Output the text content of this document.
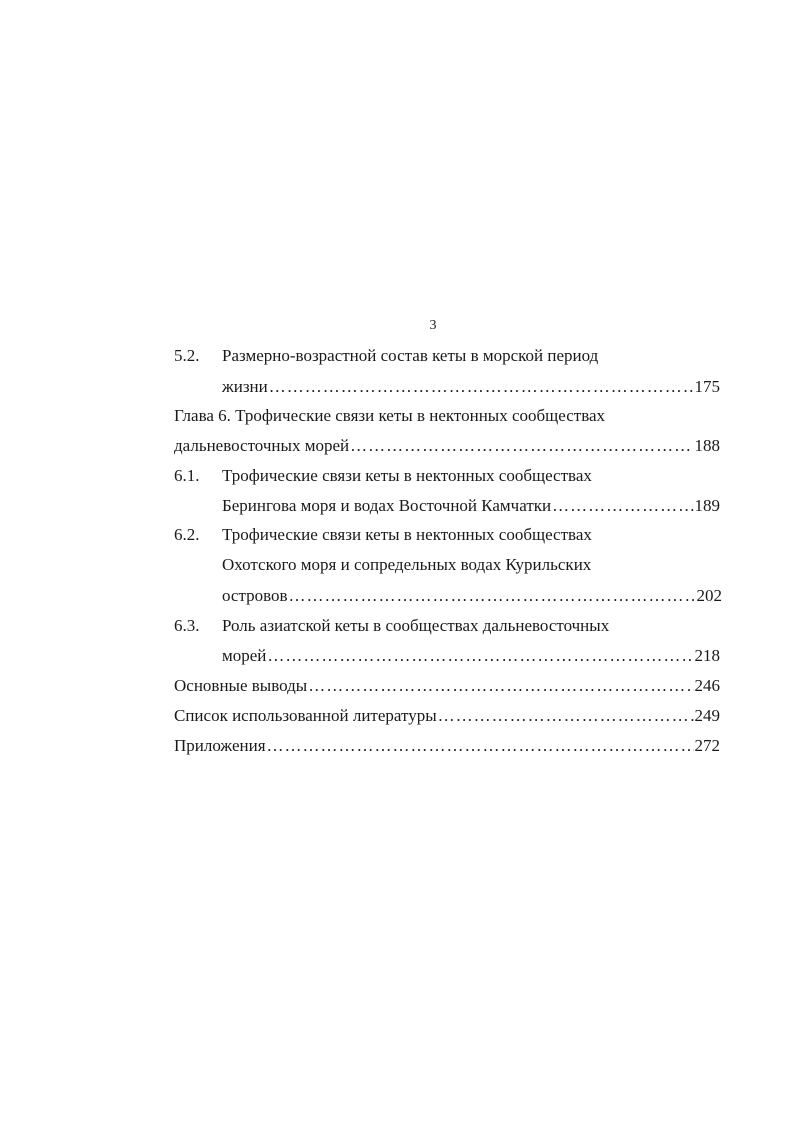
3
5.2. Размерно-возрастной состав кеты в морской период
жизни ……………………………………………………………………………………………………………………………………	175
Глава 6. Трофические связи кеты в нектонных сообществах
дальневосточных морей ……………………………………………………………………………………………………………………………………	188
6.1. Трофические связи кеты в нектонных сообществах
Берингова моря и водах Восточной Камчатки ……………………………………………………………………………………………………………………………………	189
6.2. Трофические связи кеты в нектонных сообществах
Охотского моря и сопредельных водах Курильских
островов ……………………………………………………………………………………………………………………………………	202
6.3. Роль азиатской кеты в сообществах дальневосточных
морей ……………………………………………………………………………………………………………………………………	218
Основные выводы ……………………………………………………………………………………………………………………………………	246
Список использованной литературы ……………………………………………………………………………………………………………………………………	249
Приложения ……………………………………………………………………………………………………………………………………	272
